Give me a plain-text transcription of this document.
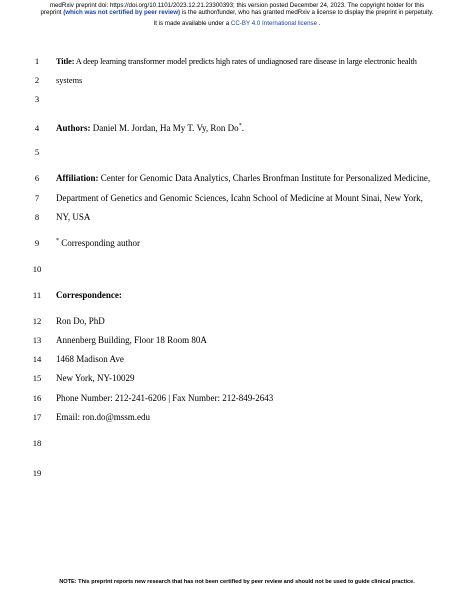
medRxiv preprint doi: https://doi.org/10.1101/2023.12.21.23300393; this version posted December 24, 2023. The copyright holder for this
preprint (which was not certified by peer review) is the author/funder, who has granted medRxiv a license to display the preprint in perpetuity.
It is made available under a CC-BY 4.0 International license .
1
2
3
4
5
6
7
8
9
10
11
12
13
14
15
16
17
18
19
Title: A deep learning transformer model predicts high rates of undiagnosed rare disease in large electronic health
systems
Authors: Daniel M. Jordan, Ha My T. Vy, Ron Do*.
Affiliation: Center for Genomic Data Analytics, Charles Bronfman Institute for Personalized Medicine,
Department of Genetics and Genomic Sciences, Icahn School of Medicine at Mount Sinai, New York,
NY, USA
* Corresponding author
Correspondence:
Ron Do, PhD
Annenberg Building, Floor 18 Room 80A
1468 Madison Ave
New York, NY-10029
Phone Number: 212-241-6206 | Fax Number: 212-849-2643
Email: ron.do@mssm.edu
NOTE: This preprint reports new research that has not been certified by peer review and should not be used to guide clinical practice.
